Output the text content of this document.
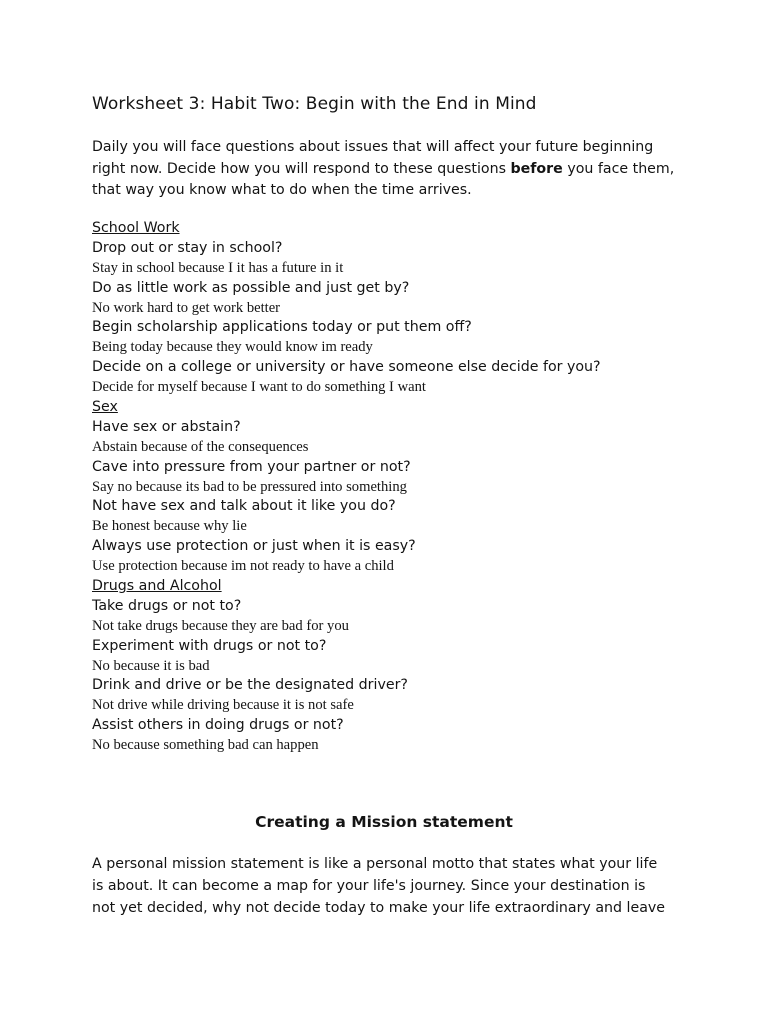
Worksheet 3: Habit Two: Begin with the End in Mind

Daily you will face questions about issues that will affect your future beginning

right now. Decide how you will respond to these questions before you face them,

that way you know what to do when the time arrives.

School Work
Drop out or stay in school?
Stay in school because I it has a future in it
Do as little work as possible and just get by?
No work hard to get work better
Begin scholarship applications today or put them off?
Being today because they would know im ready
Decide on a college or university or have someone else decide for you?
Decide for myself because I want to do something I want
Sex
Have sex or abstain?
Abstain because of the consequences
Cave into pressure from your partner or not?
Say no because its bad to be pressured into something
Not have sex and talk about it like you do?
Be honest because why lie
Always use protection or just when it is easy?
Use protection because im not ready to have a child
Drugs and Alcohol
Take drugs or not to?
Not take drugs because they are bad for you
Experiment with drugs or not to?
No because it is bad
Drink and drive or be the designated driver?
Not drive while driving because it is not safe
Assist others in doing drugs or not?
No because something bad can happen
Creating a Mission statement

A personal mission statement is like a personal motto that states what your life

is about. It can become a map for your life's journey. Since your destination is

not yet decided, why not decide today to make your life extraordinary and leave
